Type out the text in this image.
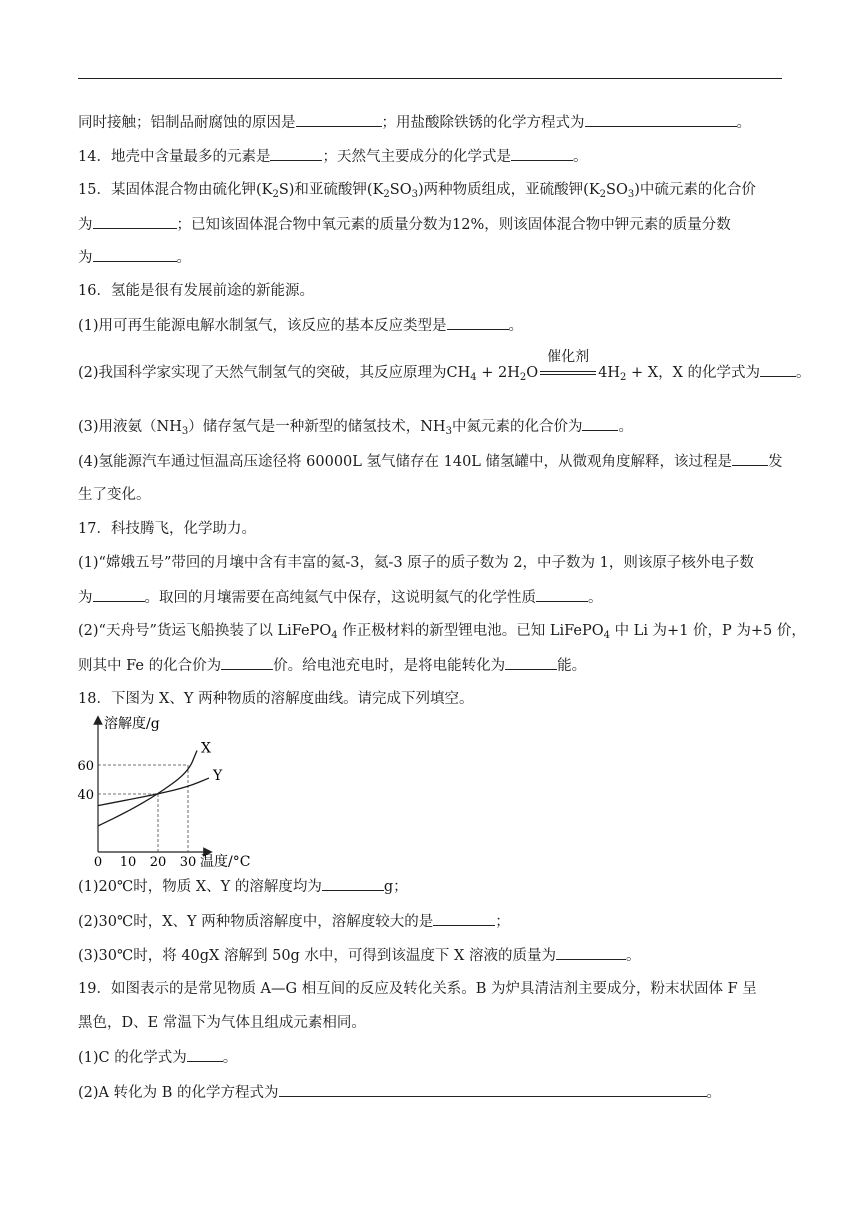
同时接触；铝制品耐腐蚀的原因是	；用盐酸除铁锈的化学方程式为	。
14．地壳中含量最多的元素是	；天然气主要成分的化学式是	。
15．某固体混合物由硫化钾$(K_2S)$和亚硫酸钾$(K_2SO_3)$两种物质组成，亚硫酸钾$(K_2SO_3)$中硫元素的化合价
为	；已知该固体混合物中氧元素的质量分数为12%，则该固体混合物中钾元素的质量分数
为	。
16．氢能是很有发展前途的新能源。
(1)用可再生能源电解水制氢气，该反应的基本反应类型是	。
(2)我国科学家实现了天然气制氢气的突破，其反应原理为$CH_4 + 2H_2O$
催化剂
$4H_2 + X$，X 的化学式为 。
(3)用液氨$(NH_3)$储存氢气是一种新型的储氢技术，$NH_3$中氮元素的化合价为 。
(4)氢能源汽车通过恒温高压途径将 60000L 氢气储存在 140L 储氢罐中，从微观角度解释，该过程是 发
生了变化。
17．科技腾飞，化学助力。
(1)“嫦娥五号”带回的月壤中含有丰富的氦-3，氦-3 原子的质子数为 2，中子数为 1，则该原子核外电子数
为	。取回的月壤需要在高纯氦气中保存，这说明氦气的化学性质	。
(2)“天舟号”货运飞船换装了以 LiFePO$_4$ 作正极材料的新型锂电池。已知 LiFePO$_4$ 中 Li 为+1 价，P 为+5 价，
则其中 Fe 的化合价为	价。给电池充电时，是将电能转化为	能。
18．下图为 X、Y 两种物质的溶解度曲线。请完成下列填空。
X
Y
0 10 20 30
40
60
溶解度/g
温度/°C
(1)20℃时，物质 X、Y 的溶解度均为	g；
(2)30℃时，X、Y 两种物质溶解度中，溶解度较大的是	；
(3)30℃时，将 40gX 溶解到 50g 水中，可得到该温度下 X 溶液的质量为	。
19．如图表示的是常见物质 A—G 相互间的反应及转化关系。B 为炉具清洁剂主要成分，粉末状固体 F 呈
黑色，D、E 常温下为气体且组成元素相同。
(1)C 的化学式为 。
(2)A 转化为 B 的化学方程式为	。
